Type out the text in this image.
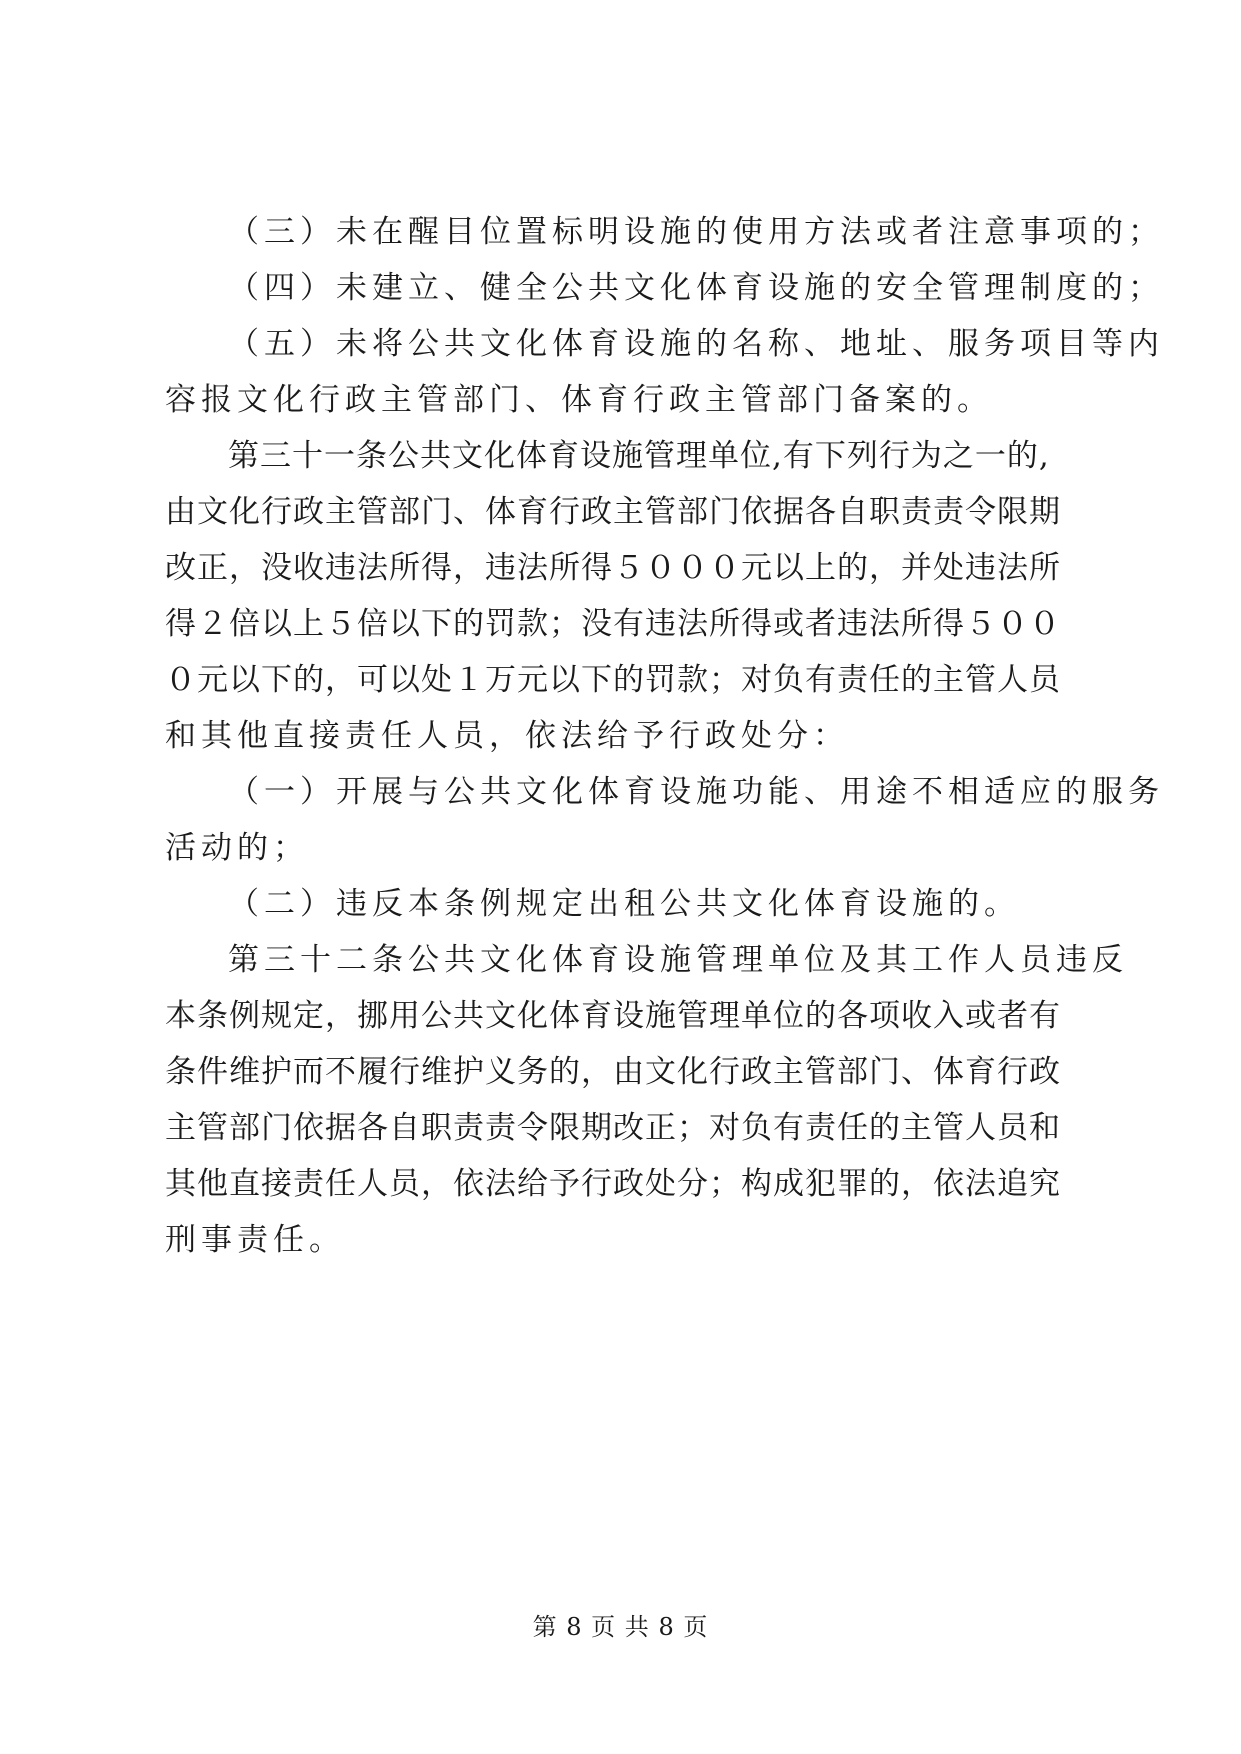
（三）未在醒目位置标明设施的使用方法或者注意事项的；
（四）未建立、健全公共文化体育设施的安全管理制度的；
（五）未将公共文化体育设施的名称、地址、服务项目等内
容报文化行政主管部门、体育行政主管部门备案的。
第三十一条公共文化体育设施管理单位,有下列行为之一的,
由文化行政主管部门、体育行政主管部门依据各自职责责令限期
改正，没收违法所得，违法所得５０００元以上的，并处违法所
得２倍以上５倍以下的罚款；没有违法所得或者违法所得５００
０元以下的，可以处１万元以下的罚款；对负有责任的主管人员
和其他直接责任人员，依法给予行政处分：
（一）开展与公共文化体育设施功能、用途不相适应的服务
活动的；
（二）违反本条例规定出租公共文化体育设施的。
第三十二条公共文化体育设施管理单位及其工作人员违反
本条例规定，挪用公共文化体育设施管理单位的各项收入或者有
条件维护而不履行维护义务的，由文化行政主管部门、体育行政
主管部门依据各自职责责令限期改正；对负有责任的主管人员和
其他直接责任人员，依法给予行政处分；构成犯罪的，依法追究
刑事责任。
第 8 页 共 8 页
